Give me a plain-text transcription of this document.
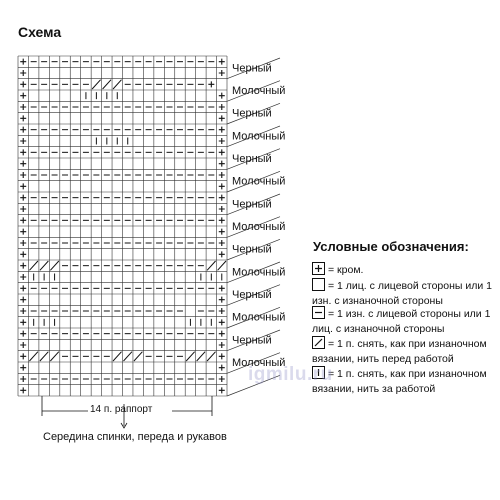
Черный
Молочный
Черный
Молочный
Черный
Молочный
Черный
Молочный
Черный
Молочный
Черный
Молочный
Черный
Молочный
Схема
14 п. раппорт
Середина спинки, переда и рукавов
Условные обозначения:
= кром.
= 1 лиц. с лицевой стороны или 1 изн. с изнаночной стороны
= 1 изн. с лицевой стороны или 1 лиц. с изнаночной стороны
= 1 п. снять, как при изнаночном вязании, нить перед работой
= 1 п. снять, как при изнаночном вязании, нить за работой
igmilu.ru
